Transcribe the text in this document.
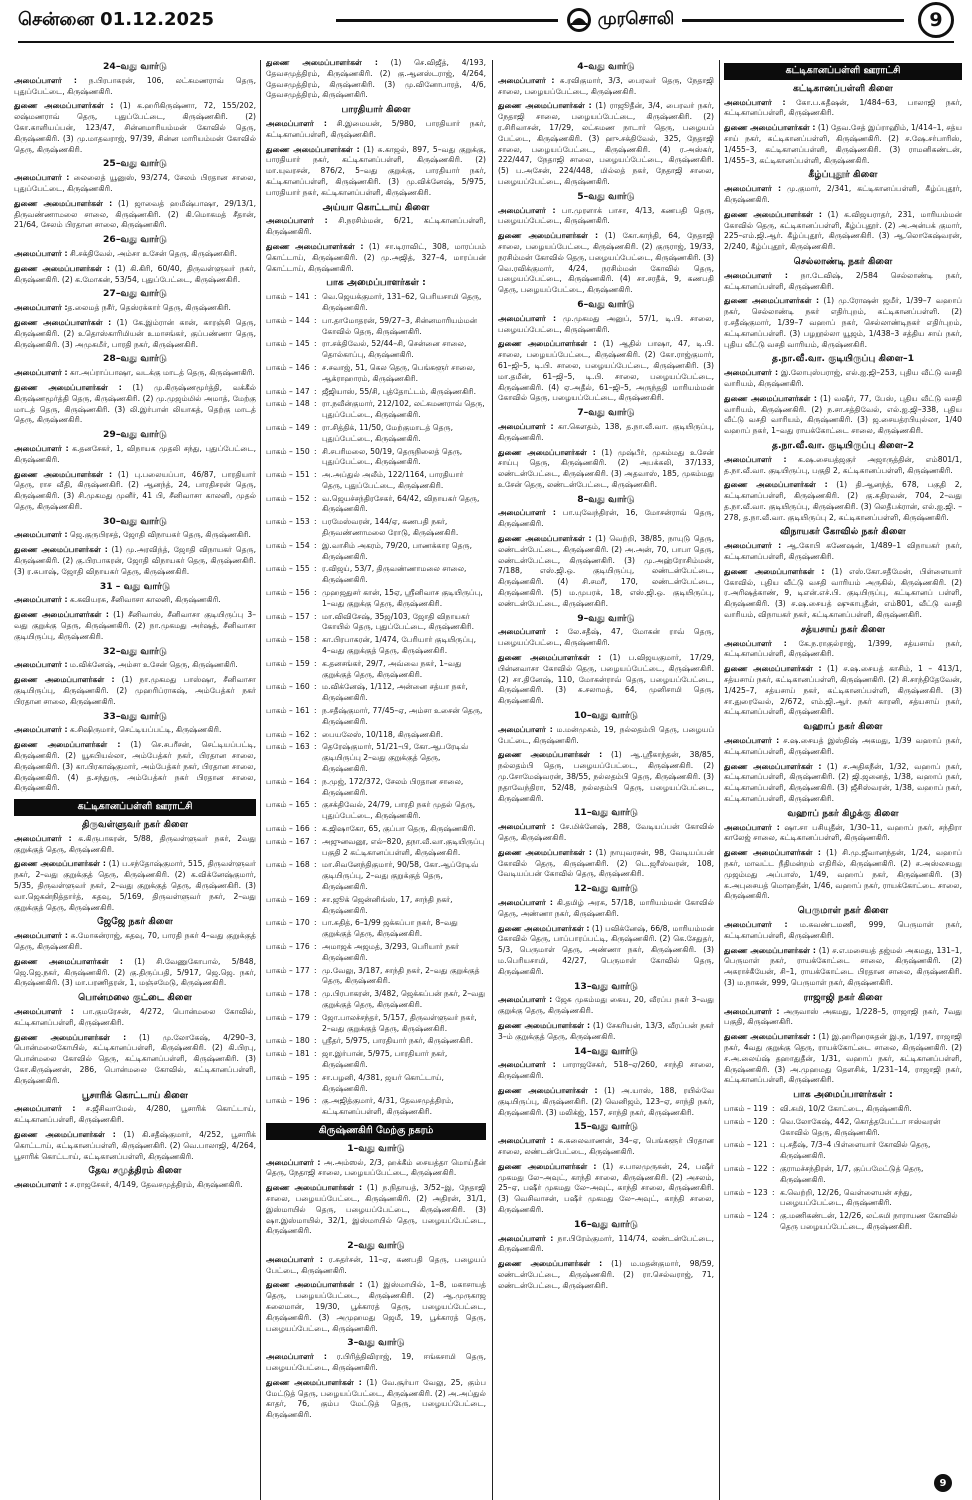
சென்னை 01.12.2025	முரசொலி	9
24–வது வார்டு
அமைப்பாளர் : ந.பிரபாகரன், 106, லட்சுமணராவ் தெரு, புதுப்பேட்டை, கிருஷ்ணகிரி.
துணை அமைப்பாளர்கள் : (1) க.ஹரிகிருஷ்ணா, 72, 155/202, லஷ்மணராவ் தெரு, புதுப்பேட்டை, கிருஷ்ணகிரி. (2) கோ.காளியப்பன், 123/47, சின்னமாரியம்மன் கோவில் தெரு, கிருஷ்ணகிரி. (3) மு.மாதவராஜ், 97/39, சின்ன மாரியம்மன் கோவில் தெரு, கிருஷ்ணகிரி.
25–வது வார்டு
அமைப்பாளர் : லைலைத் யூனுஸ், 93/274, சேலம் பிரதான சாலை, புதுப்பேட்டை, கிருஷ்ணகிரி.
துணை அமைப்பாளர்கள் : (1) ஜாவைத் ஹமீஷ்பாஷா, 29/13/1, திருவண்ணாமலை சாலை, கிருஷ்ணகிரி. (2) கி.மொகமத் சீதான், 21/64, சேலம் பிரதான சாலை, கிருஷ்ணகிரி.
26–வது வார்டு
அமைப்பாளர் : சி.சக்திவேல், அம்சா உசேன் தெரு, கிருஷ்ணகிரி.
துணை அமைப்பாளர்கள் : (1) கி.கிரி, 60/40, திருவள்ளுவர் நகர், கிருஷ்ணகிரி. (2) க.மோகன், 53/54, புதுப்பேட்டை, கிருஷ்ணகிரி.
27–வது வார்டு
அமைப்பாளர் :த.லைமத் நசீர், தெஸ்ரக்கார் தெரு, கிருஷ்ணகிரி.
துணை அமைப்பாளர்கள் : (1) கே.இம்ரான் கான், காரஞ்சி தெரு, கிருஷ்ணகிரி. (2) உதொஸ்காரிமியன் உமாசங்கர், குப்பண்ணா தெரு, கிருஷ்ணகிரி. (3) அமுசுமீர், பாரதி நகர், கிருஷ்ணகிரி.
28–வது வார்டு
அமைப்பாளர் : கா.அப்ராப்பாஷா, வடக்கு மாடத் தெரு, கிருஷ்ணகிரி.
துணை அமைப்பாளர்கள் : (1) மு.கிருஷ்ணமூர்த்தி, வக்கீல் கிருஷ்ணமூர்த்தி தெரு, கிருஷ்ணகிரி. (2) மு.முஜம்மில் அமாத், மேற்கு மாடத் தெரு, கிருஷ்ணகிரி. (3) லி.இர்பான் லியாகத், தெற்கு மாடத் தெரு, கிருஷ்ணகிரி.
29–வது வார்டு
அமைப்பாளர் : க.தனசேகர், 1, விநாயக முதலி சந்து, புதுப்பேட்டை, கிருஷ்ணகிரி.
துணை அமைப்பாளர்கள் : (1) பு.பலையப்பா, 46/87, பாரதியார் தெரு, ராச வீதி, கிருஷ்ணகிரி. (2) ஆனந்த், 24, பாரதிசரன் தெரு, கிருஷ்ணகிரி. (3) சி.முகமது முனீர், 41 பி, சீனிவாசா காலனி, முதல் தெரு, கிருஷ்ணகிரி.
30–வது வார்டு
அமைப்பாளர் : ஜெ.குருபிரசத், ஜோதி விநாயகர் தெரு, கிருஷ்ணகிரி.
துணை அமைப்பாளர்கள் : (1) மு.அரவிந்த், ஜோதி விநாயகர் தெரு, கிருஷ்ணகிரி. (2) கு.பிரபாகரன், ஜோதி விநாயகர் தெரு, கிருஷ்ணகிரி. (3) ர.சுபாஷ், ஜோதி விநாயகர் தெரு, கிருஷ்ணகிரி.
31 – வது வார்டு
அமைப்பாளர் : க.கவியரசு, சீனிவாசா காலனி, கிருஷ்ணகிரி.
துணை அமைப்பாளர்கள் : (1) சீனிவாஸ், சீனிவாசா குடியிருப்பு 3–வது குறுக்கு தெரு, கிருஷ்ணகிரி. (2) நா.முகமது அர்ஷத், சீனிவாசா குடியிருப்பு, கிருஷ்ணகிரி.
32–வது வார்டு
அமைப்பாளர் : ம.விக்னேஷ், அம்சா உசேன் தெரு, கிருஷ்ணகிரி.
துணை அமைப்பாளர்கள் : (1) நா.முகமது பாஸ்ஷா, சீனிவாசா குடியிருப்பு, கிருஷ்ணகிரி. (2) முஹரிப்ராகஷ், அம்பேத்கர் நகர் பிரதான சாலை, கிருஷ்ணகிரி.
33–வது வார்டு
அமைப்பாளர் : க.சிஷிருமார், செட்டியப்பட்டி, கிருஷ்ணகிரி.
துணை அமைப்பாளர்கள் : (1) செ.சபரீசன், செட்டியப்பட்டி, கிருஷ்ணகிரி. (2) யூசுபியல்லா, அம்பேத்கர் நகர், பிரதான சாலை, கிருஷ்ணகிரி. (3) கா.பிரகாஷ்குமார், அம்பேத்கர் நகர், பிரதான சாலை, கிருஷ்ணகிரி. (4) த.சந்துரு, அம்பேத்கர் நகர் பிரதான சாலை, கிருஷ்ணகிரி.
கட்டிகானப்பள்ளி ஊராட்சி
திருவள்ளுவர் நகர் கிளை
அமைப்பாளர் : க.கிருபாகரன், 5/88, திருவள்ளுவர் நகர், 2வது குறுக்குத் தெரு, கிருஷ்ணகிரி.
துணை அமைப்பாளர்கள் : (1) ப.சந்தோஷ்குமார், 515, திருவள்ளுவர் நகர், 2–வது குறுக்குத் தெரு, கிருஷ்ணகிரி. (2) க.விக்னேஷ்குமார், 5/35, திருவள்ளுவர் நகர், 2–வது குறுக்குத் தெரு, கிருஷ்ணகிரி. (3) வா.ஜெகன்நித்தார்த், கதவு, 5/169, திருவள்ளுவர் நகர், 2–வது குறுக்குத் தெரு, கிருஷ்ணகிரி.
ஜேஜே நகர் கிளை
அமைப்பாளர் : சு.மோகன்ராஜ், கதவு, 70, பாரதி நகர் 4–வது குறுக்குத் தெரு, கிருஷ்ணகிரி.
துணை அமைப்பாளர்கள் : (1) சி.வேணுகோபால், 5/848, ஜெ.ஜெ.நகர், கிருஷ்ணகிரி. (2) கு.திருப்பதி, 5/917, ஜெ.ஜெ. நகர், கிருஷ்ணகிரி. (3) மா.பரணிதரன், 1, மஞ்சமேடு, கிருஷ்ணகிரி.
பொன்மலை குட்டை கிளை
அமைப்பாளர் : பா.குமரேசன், 4/272, பொன்மலை கோவில், கட்டிகானப்பள்ளி, கிருஷ்ணகிரி.
துணை அமைப்பாளர்கள் : (1) மு.லோகேஷ், 4/290–3, பொன்மலைகோயில், கட்டிகானப்பள்ளி, கிருஷ்ணகிரி. (2) கி.பிரபு, பொன்மலை கோவில் தெரு, கட்டிகானப்பள்ளி, கிருஷ்ணகிரி. (3) கோ.கிருஷ்ணன், 286, பொன்மலை கோவில், கட்டிகானப்பள்ளி, கிருஷ்ணகிரி.
பூசாரிக் கொட்டாய் கிளை
அமைப்பாளர் : ச.ஜீசிவாமேல், 4/280, பூசாரிக் கொட்டாய், கட்டிகானப்பள்ளி, கிருஷ்ணகிரி.
துணை அமைப்பாளர்கள் : (1) கி.சதீஷ்குமார், 4/252, பூசாரிக் கொட்டாய், கட்டிகானப்பள்ளி, கிருஷ்ணகிரி. (2) வெ.பாலாஜி, 4/264, பூசாரிக் கொட்டாய், கட்டிகானப்பள்ளி, கிருஷ்ணகிரி.
தேவ சமுத்திரம் கிளை
அமைப்பாளர் : ச.ராஜசேகர், 4/149, தேவசமுத்திரம், கிருஷ்ணகிரி.
துணை அமைப்பாளர்கள் : (1) செ.விஜீத், 4/193, தேவசமுத்திரம், கிருஷ்ணகிரி. (2) கு.ஆனஸ்டராஜ், 4/264, தேவசமுத்திரம், கிருஷ்ணகிரி. (3) மு.வினோபாரத், 4/6, தேவசமுத்திரம், கிருஷ்ணகிரி.
பாரதியார் கிளை
அமைப்பாளர் : சி.இமையன், 5/980, பாரதியார் நகர், கட்டிகானப்பள்ளி, கிருஷ்ணகிரி.
துணை அமைப்பாளர்கள் : (1) சு.காஜல், 897, 5–வது குறுக்கு, பாரதியார் நகர், கட்டிகானப்பள்ளி, கிருஷ்ணகிரி. (2) மா.யுவரசன், 876/2, 5–வது குறுக்கு, பாரதியார் நகர், கட்டிகானப்பள்ளி, கிருஷ்ணகிரி. (3) மு.விக்னேஷ், 5/975, பாரதியார் நகர், கட்டிகானப்பள்ளி, கிருஷ்ணகிரி.
அய்யா கொட்டாய் கிளை
அமைப்பாளர் : சி.நரசிம்மன், 6/21, கட்டிகானப்பள்ளி, கிருஷ்ணகிரி.
துணை அமைப்பாளர்கள் : (1) சா.டிராவிட், 308, மாரப்பம் கொட்டாய், கிருஷ்ணகிரி. (2) மு.அஜித், 327–4, மாரப்பன் கொட்டாய், கிருஷ்ணகிரி.
பாக அமைப்பாளர்கள் :
பாகம் – 141 : வெ.ஜெயக்குமார், 131–62, பெரியசாமி தெரு, கிருஷ்ணகிரி.
பாகம் – 144 : பா.தாமோதரன், 59/27–3, சின்னமாரியம்மன் கோவில் தெரு, கிருஷ்ணகிரி.
பாகம் – 145 : ரா.சக்திவேல், 52/44–சி, சென்னை சாலை, தொல்காப்பு, கிருஷ்ணகிரி.
பாகம் – 146 : ச.சவாஜ், 51, கெல தெரு, பெங்களூர் சாலை, ஆக்ராஹாரம், கிருஷ்ணகிரி.
பாகம் – 147 : ஜீஜியாஸ், 55/சி, புத்தோட்டம், கிருஷ்ணகிரி.
பாகம் – 148 : ரா.நவீன்குமார், 212/102, லட்சுமணராவ் தெரு, புதுப்பேட்டை, கிருஷ்ணகிரி.
பாகம் – 149 : ரா.சித்திக், 11/50, மேற்குமாடத் தெரு, புதுப்பேட்டை, கிருஷ்ணகிரி.
பாகம் – 150 : சி.சபரிமலை, 50/19, தெருநிலைத் தெரு, புதுப்பேட்டை, கிருஷ்ணகிரி.
பாகம் – 151 : அ.அப்துல் அலீம், 122/1164, பாரதியார் தெரு, புதுப்பேட்டை, கிருஷ்ணகிரி.
பாகம் – 152 : வ.ஜெயச்சந்திரசேகர், 64/42, விநாயகர் தெரு, கிருஷ்ணகிரி.
பாகம் – 153 : பரமேஸ்வரன், 144/ஏ, கணபதி நகர், திருவண்ணாமலை ரோடு, கிருஷ்ணகிரி.
பாகம் – 154 : இ.வாசிம் அகரம், 79/20, பாணக்கார தெரு, கிருஷ்ணகிரி.
பாகம் – 155 : ர.விஜய், 53/7, திருவண்ணாமலை சாலை, கிருஷ்ணகிரி.
பாகம் – 156 : முஹஜதுசர் கான், 15ஏ, ஸ்ரீனிவாச குடியிருப்பு, 1–வது குறுக்கு தெரு, கிருஷ்ணகிரி.
பாகம் – 157 : மா.விவிசேஷ், 35ஜ/103, ஜோதி விநாயகர் கோயில் தெரு, புதுப்பேட்டை, கிருஷ்ணகிரி.
பாகம் – 158 : கா.பிரபாகரன், 1/474, பேரியார் குடியிருப்பு, 4–வது குறுக்குத் தெரு, கிருஷ்ணகிரி.
பாகம் – 159 : க.தனசங்கர், 29/7, அவ்வை நகர், 1–வது குறுக்குத் தெரு, கிருஷ்ணகிரி.
பாகம் – 160 : ம.விக்னேஷ், 1/112, அன்னை சத்யா நகர், கிருஷ்ணகிரி.
பாகம் – 161 : ந.சதீஷ்குமார், 77/45–ஏ, அம்சா உசைன் தெரு, கிருஷ்ணகிரி.
பாகம் – 162 : பையலேஸ், 10/118, கிருஷ்ணகிரி.
பாகம் – 163 : தெரேஷ்குமார், 51/21–பி, கோ.ஆபரேடிவ் குடியிருப்பு 2–வது குறுக்குத் தெரு, கிருஷ்ணகிரி.
பாகம் – 164 : ந.முஜ், 172/372, சேலம் பிரதான சாலை, கிருஷ்ணகிரி.
பாகம் – 165 : குசக்திவேல், 24/79, பாரதி நகர் முதல் தெரு, புதுப்பேட்டை, கிருஷ்ணகிரி.
பாகம் – 166 : க.ஜிஷாகோ, 65, குப்பா தெரு, கிருஷ்ணகிரி.
பாகம் – 167 : அஜுனவனூ, எல்–820, தநா.வீ.வா.குடியிருப்பு பகுதி 2 கட்டிகானப்பள்ளி, கிருஷ்ணகிரி.
பாகம் – 168 : மா.சிவனேந்திகுமார், 90/58, கோ.ஆப்ரேடிவ் குடியிருப்பு, 2–வது குறுக்குத் தெரு, கிருஷ்ணகிரி.
பாகம் – 169 : சா.ஜூக் ஜென்னிங்ஸ், 17, சாந்தி நகர், கிருஷ்ணகிரி.
பாகம் – 170 : பா.சுதித், 6–1/99 ஜக்கப்பா நகர், 8–வது குறுக்குத் தெரு, கிருஷ்ணகிரி.
பாகம் – 176 : அமாஜக் அஜமத், 3/293, பெரியார் நகர் கிருஷ்ணகிரி.
பாகம் – 177 : மு.வேலு, 3/187, சாந்தி நகர், 2–வது குறுக்குத் தெரு, கிருஷ்ணகிரி.
பாகம் – 178 : மு.பிரபாகரன், 3/482, ஜெக்கப்பன் நகர், 2–வது குறுக்குத் தெரு, கிருஷ்ணகிரி.
பாகம் – 179 : ஜோ.பாலச்சந்தர், 5/157, திருவள்ளுவர் நகர், 2–வது குறுக்குத் தெரு, கிருஷ்ணகிரி.
பாகம் – 180 : ஸ்ரீதர், 5/975, பாரதியார் நகர், கிருஷ்ணகிரி.
பாகம் – 181 : ஜா.இர்பான், 5/975, பாரதியார் நகர், கிருஷ்ணகிரி.
பாகம் – 195 : சா.பழனி, 4/381, ஜயர் கொட்டாய், கிருஷ்ணகிரி.
பாகம் – 196 : கு.அஜித்குமார், 4/31, தேவசமுத்திரம், கட்டிகானப்பள்ளி, கிருஷ்ணகிரி.
கிருஷ்ணகிரி மேற்கு நகரம்
1–வது வார்டு
அமைப்பாளர் : அ.அம்ஸல், 2/3, ஹக்கீம் சையத்தா மொய்தீன் தெரு, நேதாஜி சாலை, பழையப்பேட்டை, கிருஷ்ணகிரி.
துணை அமைப்பாளர்கள் : (1) ந.நிதாயத், 3/52–இ, நேதாஜி சாலை, பழையப்பேட்டை, கிருஷ்ணகிரி. (2) அதிரன், 31/1, இஸ்மாயில் தெரு, பழையப்பேட்டை, கிருஷ்ணகிரி. (3) ஷா.இஸ்மாயில், 32/1, இஸ்மாயில் தெரு, பழையப்பேட்டை, கிருஷ்ணகிரி.
2–வது வார்டு
அமைப்பாளர் : ர.சுதர்சன், 11–ஏ, கணபதி தெரு, பழையப் பேட்டை, கிருஷ்ணகிரி.
துணை அமைப்பாளர்கள் : (1) இஸ்மாயில், 1–8, மகாசாயத் தெரு, பழையப்பேட்டை, கிருஷ்ணகிரி. (2) ஆ.முருகாஜ சுலைமான், 19/30, பூக்காரத் தெரு, பழையப்பேட்டை, கிருஷ்ணகிரி. (3) அமுஹமது ஜெமீ, 19, பூக்காரத் தெரு, பழையப்பேட்டை, கிருஷ்ணகிரி.
3–வது வார்டு
அமைப்பாளர் : ர.பிரித்திவிராஜ், 19, ஈங்கசாமி தெரு, பழையப்பேட்டை, கிருஷ்ணகிரி.
துணை அமைப்பாளர்கள் : (1) வே.சூர்யா வேலு, 25, கும்ப மேட்டுத் தெரு, பழையப்பேட்டை, கிருஷ்ணகிரி. (2) அ.அப்துல் காதர், 76, கும்ப மேட்டுத் தெரு, பழையப்பேட்டை, கிருஷ்ணகிரி.
4–வது வார்டு
அமைப்பாளர் : சு.ரவிகுமார், 3/3, பைரவர் தெரு, நேதாஜி சாலை, பழையப்பேட்டை, கிருஷ்ணகிரி.
துணை அமைப்பாளர்கள் : (1) ராஜூதீன், 3/4, பைரவர் நகர், நேதாஜி சாலை, பழையப்பேட்டை, கிருஷ்ணகிரி. (2) ர.சிரிவாசன், 17/29, லட்சுமண நாடார் தெரு, பழையப் பேட்டை, கிருஷ்ணகிரி. (3) ஹு.சக்திவேல், 325, நேதாஜி சாலை, பழையப்பேட்டை, கிருஷ்ணகிரி. (4) ர.அஸ்கர், 222/447, நேதாஜி சாலை, பழையப்பேட்டை, கிருஷ்ணகிரி. (5) ப.அசேன், 224/448, மில்லத் நகர், நேதாஜி சாலை, பழையப்பேட்டை, கிருஷ்ணகிரி.
5–வது வார்டு
அமைப்பாளர் : பா.முரளாக் பாசா, 4/13, கணபதி தெரு, பழையப்பேட்டை, கிருஷ்ணகிரி.
துணை அமைப்பாளர்கள் : (1) கோ.காந்தி, 64, நேதாஜி சாலை, பழையப்பேட்டை, கிருஷ்ணகிரி. (2) குருராஜ், 19/33, நரசிம்மன் கோவில் தெரு, பழையப்பேட்டை, கிருஷ்ணகிரி. (3) வெ.ரவிக்குமார், 4/24, நரசிம்மன் கோவில் தெரு, பழையப்பேட்டை, கிருஷ்ணகிரி. (4) சா.சரதீக், 9, கணபதி தெரு, பழையப்பேட்டை, கிருஷ்ணகிரி.
6–வது வார்டு
அமைப்பாளர் : மு.முகமது அனுப், 57/1, டி.பி. சாலை, பழையப்பேட்டை, கிருஷ்ணகிரி.
துணை அமைப்பாளர்கள் : (1) ஆதில் பாஷா, 47, டி.பி. சாலை, பழையப்பேட்டை, கிருஷ்ணகிரி. (2) கோ.ராஜ்குமார், 61–ஜி–5, டி.பி. சாலை, பழையப்பேட்டை, கிருஷ்ணகிரி. (3) மா.தமீன், 61–ஜி–5, டி.பி. சாலை, பழையப்பேட்டை, கிருஷ்ணகிரி. (4) ஏ.அதீல், 61–ஜி–5, அருந்ததி மாரியம்மன் கோவில் தெரு, பழையப்பேட்டை, கிருஷ்ணகிரி.
7–வது வார்டு
அமைப்பாளர் : கா.கௌதம், 138, த.நா.வீ.வா. குடியிருப்பு, கிருஷ்ணகிரி.
துணை அமைப்பாளர்கள் : (1) முஷ்பீர், முகம்மது உசேன் சாய்பு தெரு, கிருஷ்ணகிரி. (2) அபக்சுலி, 37/133, லண்டன்பேட்டை, கிருஷ்ணகிரி. (3) அதவாஸ், 185, முகம்மது உசேன் தெரு, லண்டன்பேட்டை, கிருஷ்ணகிரி.
8–வது வார்டு
அமைப்பாளர் : பா.யுவேந்திரன், 16, மோசன்ராவ் தெரு, கிருஷ்ணகிரி.
துணை அமைப்பாளர்கள் : (1) வெற்றி, 38/85, நாயுடு தெரு, லண்டன்பேட்டை, கிருஷ்ணகிரி. (2) அ.அன், 70, பாபா தெரு, லண்டன்பேட்டை, கிருஷ்ணகிரி. (3) மு.அஹ்ரோசிம்மன், 7/188, எஸ்.ஜி.ஒ. குடியிருப்பு, லண்டன்பேட்டை, கிருஷ்ணகிரி. (4) சி.சமரீ, 170, லண்டன்பேட்டை, கிருஷ்ணகிரி. (5) ம.முபரக், 18, எஸ்.ஜி.ஒ. குடியிருப்பு, லண்டன்பேட்டை, கிருஷ்ணகிரி.
9–வது வார்டு
அமைப்பாளர் : லே.சதீஷ், 47, மோகன் ராவ் தெரு, பழையப்பேட்டை, கிருஷ்ணகிரி.
துணை அமைப்பாளர்கள் : (1) ப.விஜயகுமார், 17/29, பின்னவாசா கோவில் தெரு, பழையப்பேட்டை, கிருஷ்ணகிரி. (2) சா.தினேஷ், 110, மோகன்ராவ் தெரு, பழையப்பேட்டை, கிருஷ்ணகிரி. (3) சு.சலாமத், 64, முனிசாமி தெரு, கிருஷ்ணகிரி.
10–வது வார்டு
அமைப்பாளர் : ம.மன்முகம், 19, நல்லதம்பி தெரு, பழையப் பேட்டை, கிருஷ்ணகிரி.
துணை அமைப்பாளர்கள் : (1) ஆ.ஸ்ரீகாந்தன், 38/85, நல்லதம்பி தெரு, பழையப்பேட்டை, கிருஷ்ணகிரி. (2) மு.சோமேஷ்வரன், 38/55, நல்லதம்பி தெரு, கிருஷ்ணகிரி. (3) நதாவேந்திரா, 52/48, நல்லதம்பி தெரு, பழையப்பேட்டை, கிருஷ்ணகிரி.
11–வது வார்டு
அமைப்பாளர் : சே.மிக்னேஷ், 288, வேடியப்பன் கோவில் தெரு, கிருஷ்ணகிரி.
துணை அமைப்பாளர்கள் : (1) நாயுவரசன், 98, வேடியப்பன் கோவில் தெரு, கிருஷ்ணகிரி. (2) டெ.ஜரீஸ்வரன், 108, வேடியப்பன் கோவில் தெரு, கிருஷ்ணகிரி.
12–வது வார்டு
அமைப்பாளர் : கி.தமிழ் அரசு, 57/18, மாரியம்மன் கோவில் தெரு, அண்ணா நகர், கிருஷ்ணகிரி.
துணை அமைப்பாளர்கள் : (1) பவிக்னேஷ், 66/8, மாரியம்மன் கோவில் தெரு, பாப்பாரப்பட்டி, கிருஷ்ணகிரி. (2) கெ.சேதுதர், 5/3, பெருமாள் தெரு, அண்ணா நகர், கிருஷ்ணகிரி. (3) ம.பெரியசாமி, 42/27, பெருமாள் கோவில் தெரு, கிருஷ்ணகிரி.
13–வது வார்டு
அமைப்பாளர் : ஜேசு முகம்மது கைய, 20, வீரப்ப நகர் 3–வது குறுக்கு தெரு, கிருஷ்ணகிரி.
துணை அமைப்பாளர்கள் : (1) சேகரியன், 13/3, வீரப்பன் நகர் 3–ம் குறுக்குத் தெரு, கிருஷ்ணகிரி.
14–வது வார்டு
அமைப்பாளர் : பாராஜசேகர், 518–ஏ/260, சாந்தி சாலை, கிருஷ்ணகிரி.
துணை அமைப்பாளர்கள் : (1) அ.யாஸ், 188, ரயில்வே குடியிருப்பு, கிருஷ்ணகிரி. (2) வெனிஜம், 123–ஏ, சாந்தி நகர், கிருஷ்ணகிரி. (3) மலிக்ஜ், 157, சாந்தி நகர், கிருஷ்ணகிரி.
15–வது வார்டு
அமைப்பாளர் : க.கலைவாணன், 34–ஏ, பெங்களூர் பிரதான சாலை, லண்டன்பேட்டை, கிருஷ்ணகிரி.
துணை அமைப்பாளர்கள் : (1) ச.பாலமுருகன், 24, பஷீர் முகமது லே–அவுட், காந்தி சாலை, கிருஷ்ணகிரி. (2) அசலம், 25–ஏ, பஷீர் முகமது லே–அவுட், காந்தி சாலை, கிருஷ்ணகிரி. (3) வெசிவாசன், பஷீர் முகமது லே–அவுட், காந்தி சாலை, கிருஷ்ணகிரி.
16–வது வார்டு
அமைப்பாளர் : நா.பிரேம்குமார், 114/74, லண்டன்பேட்டை, கிருஷ்ணகிரி.
துணை அமைப்பாளர்கள் : (1) ம.மதன்குமார், 98/59, லண்டன்பேட்டை, கிருஷ்ணகிரி. (2) ரா.செல்வராஜ், 71, லண்டன்பேட்டை, கிருஷ்ணகிரி.
கட்டிகானப்பள்ளி ஊராட்சி
கட்டிகானப்பள்ளி கிளை
அமைப்பாளர் : கோ.ப.சுதீஷன், 1/484–63, பாலாஜி நகர், கட்டிகானப்பள்ளி, கிருஷ்ணகிரி.
துணை அமைப்பாளர்கள் : (1) தேவ.சேத் இப்ராஹிம், 1/414–1, சத்ய சாய் நகர், கட்டிகானப்பள்ளி, கிருஷ்ணகிரி. (2) ச.ஷே.சர்பாரிஸ், 1/455–3, கட்டிகானப்பள்ளி, கிருஷ்ணகிரி. (3) ராமனிகண்டன், 1/455–3, கட்டிகானப்பள்ளி, கிருஷ்ணகிரி.
கீழ்ப்புதூர் கிளை
அமைப்பாளர் : மு.குமார், 2/341, கட்டிகானப்பள்ளி, கீழ்ப்புதூர், கிருஷ்ணகிரி.
துணை அமைப்பாளர்கள் : (1) க.விஜயராதர், 231, மாரியம்மன் கோவில் தெரு, கட்டிகானப்பள்ளி, கீழ்ப்புதூர். (2) அ.அன்பக் குமார், 225–எம்.ஜி.ஆர். கீழ்ப்புதூர், கிருஷ்ணகிரி. (3) ஆ.லொகேஷ்வரன், 2/240, கீழ்ப்புதூர், கிருஷ்ணகிரி.
செல்லாண்டி நகர் கிளை
அமைப்பாளர் : நா.டேவிஷ், 2/584 செல்லாண்டி நகர், கட்டிகானப்பள்ளி, கிருஷ்ணகிரி.
துணை அமைப்பாளர்கள் : (1) மு.ரோஷன் ஜமீர், 1/39–7 வஹாப் நகர், செல்லாண்டி நகர் எதிர்புறம், கட்டிகானப்பள்ளி. (2) ர.சதீஷ்குமார், 1/39–7 வஹாப் நகர், செல்லாண்டிநகர் எதிர்புறம், கட்டிகானப்பள்ளி. (3) பழறூல்லா யூஜம், 1/438–3 சத்திய சாய் நகர், புதிய வீட்டு வசதி வாரியம், கிருஷ்ணகிரி.
த.நா.வீ.வா. குடியிருப்பு கிளை–1
அமைப்பாளர் : இ.லோபுஸ்பராஜ், எல்.ஐ.ஜி–253, புதிய வீட்டு வசதி வாரியம், கிருஷ்ணகிரி.
துணை அமைப்பாளர்கள் : (1) வஷீர், 77, பேஸ், புதிய வீட்டு வசதி வாரியம், கிருஷ்ணகிரி. (2) ந.சா.சத்திவேல், எல்.ஐ.ஜி–338, புதிய வீட்டு வசதி வாரியம், கிருஷ்ணகிரி. (3) ஜ.சையத்ரபியுல்லா, 1/40 வஹாப் நகர், 1–வது ராயக்கோட்டை சாலை, கிருஷ்ணகிரி.
த.நா.வீ.வா. குடியிருப்பு கிளை–2
அமைப்பாளர் : க.ஷ.சையத்ஜகுர் அஜாருத்தின், எம்801/1, த.நா.வீ.வா. குடியிருப்பு, பகுதி 2, கட்டிகானப்பள்ளி, கிருஷ்ணகிரி.
துணை அமைப்பாளர்கள் : (1) தி.ஆனந்த், 678, பகுதி 2, கட்டிகானப்பள்ளி, கிருஷ்ணகிரி. (2) கு.சுதிரவன், 704, 2–வது த.நா.வீ.வா. குடியிருப்பு, கிருஷ்ணகிரி. (3) லெதீபக்ரான், எல்.ஐ.ஜி. – 278, த.நா.வீ.வா. குடியிருப்பு 2, கட்டிகானப்பள்ளி, கிருஷ்ணகிரி.
விநாயகர் கோவில் நகர் கிளை
அமைப்பாளர் : ஆ.கோபி கணேஷன், 1/489–1 விநாயகர் நகர், கட்டிகானப்பள்ளி, கிருஷ்ணகிரி.
துணை அமைப்பாளர்கள் : (1) எஸ்.கோ.சதீமேன், பிள்ளையார் கோவில், புதிய வீட்டு வசதி வாரியம் அருகில், கிருஷ்ணகிரி. (2) ர.அரிஷத்காண், 9, டிஎன்.எச்.பி. குடியிருப்பு, கட்டிகானப் பள்ளி, கிருஷ்ணகிரி. (3) ச.ஷ.சையத் ஷுகாபுதீன், எம்801, வீட்டு வசதி வாரியம், விநாயகர் நகர், கட்டிகானப்பள்ளி, கிருஷ்ணகிரி.
சத்யசாய் நகர் கிளை
அமைப்பாளர் : கே.ந.ராகுல்ராஜ், 1/399, சத்யசாய் நகர், கட்டிகானப்பள்ளி, கிருஷ்ணகிரி.
துணை அமைப்பாளர்கள் : (1) ச.ஷ.சையத் காசிம், 1 – 413/1, சத்யசாய் நகர், கட்டிகானப்பள்ளி, கிருஷ்ணகிரி. (2) சி.சாந்திதேவேன், 1/425–7, சத்யசாய் நகர், கட்டிகானப்பள்ளி, கிருஷ்ணகிரி. (3) சா.துரைவேல், 2/672, எம்.ஜி.ஆர். நகர் காரனி, சத்யசாய் நகர், கட்டிகானப்பள்ளி, கிருஷ்ணகிரி.
வஹாப் நகர் கிளை
அமைப்பாளர் : ச.ஷ.சையத் இஸ்திஷ் அகமது, 1/39 வஹாப் நகர், கட்டிகானப்பள்ளி, கிருஷ்ணகிரி.
துணை அமைப்பாளர்கள் : (1) ச.அதிகநீன், 1/32, வஹாப் நகர், கட்டிகானப்பள்ளி, கிருஷ்ணகிரி. (2) ஜி.ஜனைத், 1/38, வஹாப் நகர், கட்டிகானப்பள்ளி, கிருஷ்ணகிரி. (3) ஜீசிஸ்வரன், 1/38, வஹாப் நகர், கட்டிகானப்பள்ளி, கிருஷ்ணகிரி.
வஹாப் நகர் கிழக்கு கிளை
அமைப்பாளர் : ஷா.சா பசியுதீன், 1/30–11, வஹாப் நகர், சந்திரா காலேஜ் சாலை, கட்டிகானப்பள்ளி, கிருஷ்ணகிரி.
துணை அமைப்பாளர்கள் : (1) சி.மு.ஜீவானந்தன், 1/24, வஹாப் நகர், மாவட்ட நீதிமன்றம் எதிரில், கிருஷ்ணகிரி. (2) ச.அஸ்லசமது முஜம்மது அப்பாஸ், 1/49, வஹாப் நகர், கிருஷ்ணகிரி. (3) சு.அபுசையத் மொஹதீன், 1/46, வஹாப் நகர், ராயக்கோட்டை சாலை, கிருஷ்ணகிரி.
பெருமாள் நகர் கிளை
அமைப்பாளர் : ம.சுவண்டமணி, 999, பெருமாள் நகர், கட்டிகானப்பள்ளி, கிருஷ்ணகிரி.
துணை அமைப்பாளர்கள் : (1) ச.எ.மசையத் தஜ்மல் அகமது, 131–1, பெருமாள் நகர், ராயக்கோட்டை சாலை, கிருஷ்ணகிரி. (2) அசுராச்கீயேன், சி–1, ராயக்கோட்டை பிரதான சாலை, கிருஷ்ணகிரி. (3) ம.நாகன், 999, பெருமாள் நகர், கிருஷ்ணகிரி.
ராஜாஜி நகர் கிளை
அமைப்பாளர் : அருவாஸ் அகமது, 1/228–5, ராஜாஜி நகர், 7வது பகுதி, கிருஷ்ணகிரி.
துணை அமைப்பாளர்கள் : (1) இ.ஹரிஹரசுதன் இ.ந, 1/197, ராஜாஜி நகர், 4வது குறுக்கு தெரு, ராயக்கோட்டை சாலை, கிருஷ்ணகிரி. (2) ச.அ.லைய்ஷ் தஹாதுதீன், 1/31, வஹாப் நகர், கட்டிகானப்பள்ளி, கிருஷ்ணகிரி. (3) அ.முஹமது தௌசிக், 1/231–14, ராஜாஜி நகர், கட்டிகானப்பள்ளி, கிருஷ்ணகிரி.
பாக அமைப்பாளர்கள் :
பாகம் – 119 : வி.சுமி, 10/2 கோட்டை, கிருஷ்ணகிரி.
பாகம் – 120 : வெ.லோகேஷ், 442, கொத்தபேட்டா ஈஸ்வரன் கோவில் தெரு, கிருஷ்ணகிரி.
பாகம் – 121 : பு.சதீஷ், 7/3–4 பிள்ளையார் கோவில் தெரு, கிருஷ்ணகிரி.
பாகம் – 122 : குராமச்சந்திரன், 1/7, குப்பமேட்டுத் தெரு, கிருஷ்ணகிரி.
பாகம் – 123 : க.வெற்றி, 12/26, வெள்ளையன் சந்து, பழையப்பேட்டை, கிருஷ்ணகிரி.
பாகம் – 124 : கு.மணிகண்டன், 12/26, லட்சுமி நாராயண கோவில் தெரு பழையப்பேட்டை, கிருஷ்ணகிரி.
9
